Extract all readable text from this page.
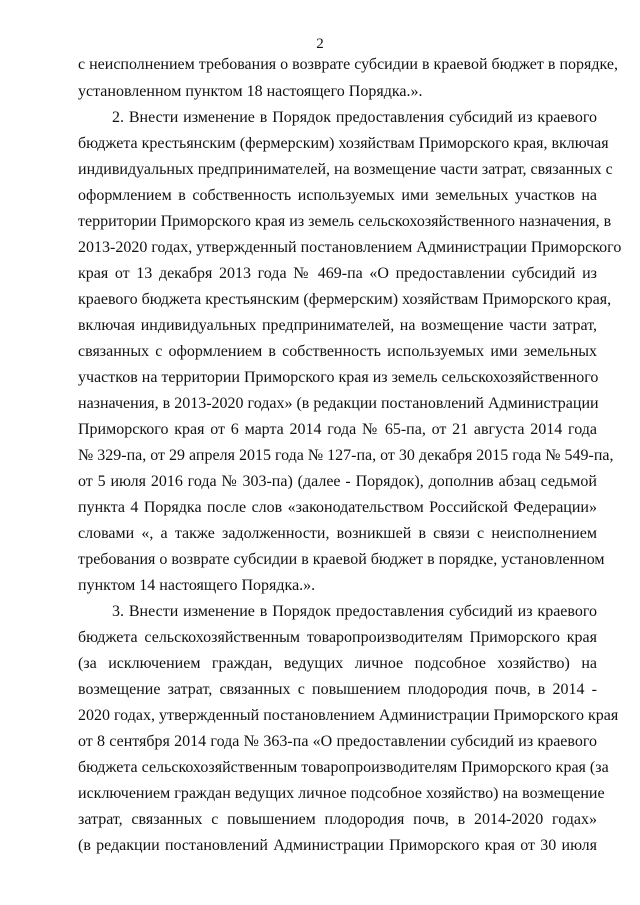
2
с неисполнением требования о возврате субсидии в краевой бюджет в порядке,
установленном пунктом 18 настоящего Порядка.».
2. Внести изменение в Порядок предоставления субсидий из краевого
бюджета крестьянским (фермерским) хозяйствам Приморского края, включая
индивидуальных предпринимателей, на возмещение части затрат, связанных с
оформлением в собственность используемых ими земельных участков на
территории Приморского края из земель сельскохозяйственного назначения, в
2013-2020 годах, утвержденный постановлением Администрации Приморского
края от 13 декабря 2013 года № 469-па «О предоставлении субсидий из
краевого бюджета крестьянским (фермерским) хозяйствам Приморского края,
включая индивидуальных предпринимателей, на возмещение части затрат,
связанных с оформлением в собственность используемых ими земельных
участков на территории Приморского края из земель сельскохозяйственного
назначения, в 2013-2020 годах» (в редакции постановлений Администрации
Приморского края от 6 марта 2014 года № 65-па, от 21 августа 2014 года
№ 329-па, от 29 апреля 2015 года № 127-па, от 30 декабря 2015 года № 549-па,
от 5 июля 2016 года № 303-па) (далее - Порядок), дополнив абзац седьмой
пункта 4 Порядка после слов «законодательством Российской Федерации»
словами «, а также задолженности, возникшей в связи с неисполнением
требования о возврате субсидии в краевой бюджет в порядке, установленном
пунктом 14 настоящего Порядка.».
3. Внести изменение в Порядок предоставления субсидий из краевого
бюджета сельскохозяйственным товаропроизводителям Приморского края
(за исключением граждан, ведущих личное подсобное хозяйство) на
возмещение затрат, связанных с повышением плодородия почв, в 2014 -
2020 годах, утвержденный постановлением Администрации Приморского края
от 8 сентября 2014 года № 363-па «О предоставлении субсидий из краевого
бюджета сельскохозяйственным товаропроизводителям Приморского края (за
исключением граждан ведущих личное подсобное хозяйство) на возмещение
затрат, связанных с повышением плодородия почв, в 2014-2020 годах»
(в редакции постановлений Администрации Приморского края от 30 июля
